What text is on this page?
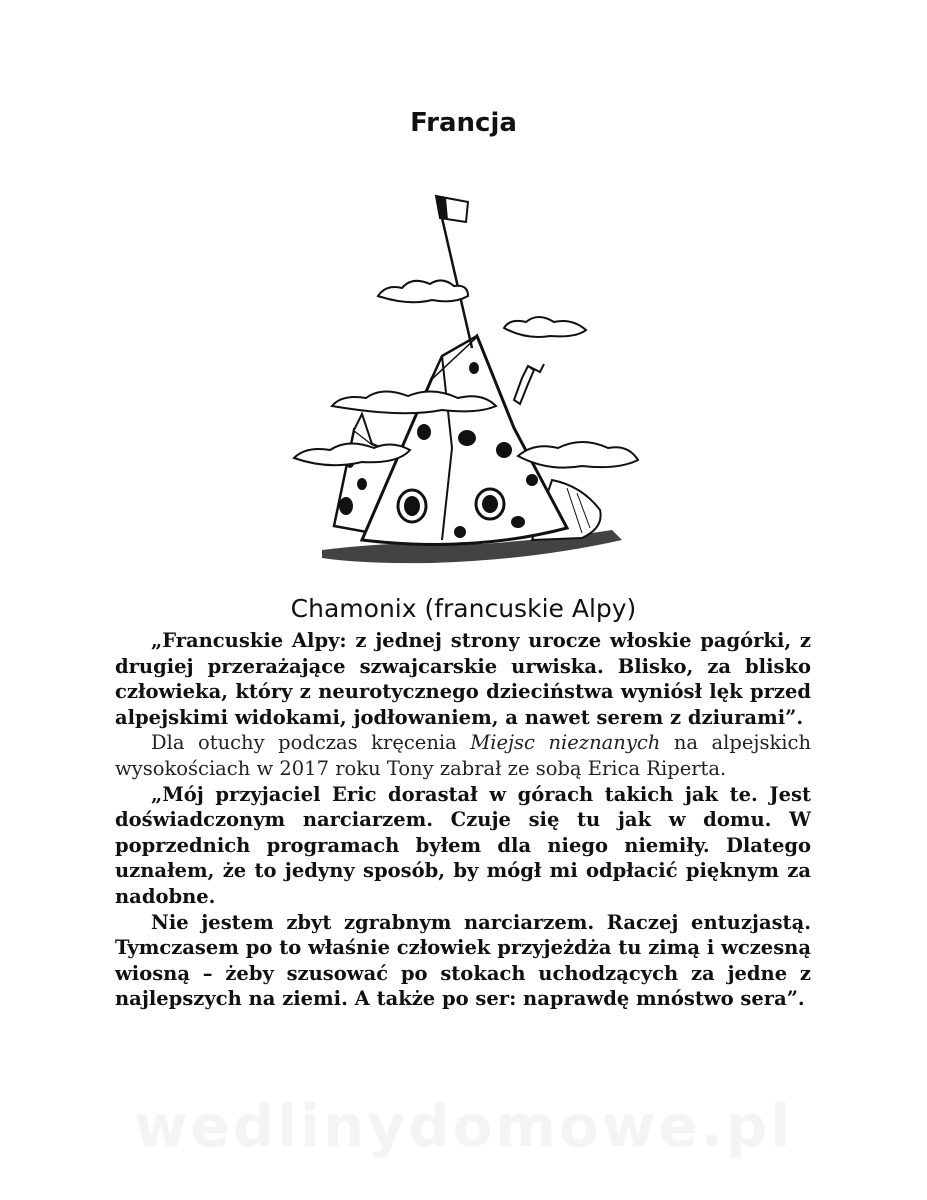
Francja
Chamonix (francuskie Alpy)

„Francuskie Alpy: z jednej strony urocze włoskie pagórki, z drugiej przerażające szwajcarskie urwiska. Blisko, za blisko człowieka, który z neurotycznego dzieciństwa wyniósł lęk przed alpejskimi widokami, jodłowaniem, a nawet serem z dziurami”.

Dla otuchy podczas kręcenia Miejsc nieznanych na alpejskich wysokościach w 2017 roku Tony zabrał ze sobą Erica Riperta.

„Mój przyjaciel Eric dorastał w górach takich jak te. Jest doświadczonym narciarzem. Czuje się tu jak w domu. W poprzednich programach byłem dla niego niemiły. Dlatego uznałem, że to jedyny sposób, by mógł mi odpłacić pięknym za nadobne.

Nie jestem zbyt zgrabnym narciarzem. Raczej entuzjastą. Tymczasem po to właśnie człowiek przyjeżdża tu zimą i wczesną wiosną – żeby szusować po stokach uchodzących za jedne z najlepszych na ziemi. A także po ser: naprawdę mnóstwo sera”.

wedlinydomowe.pl
